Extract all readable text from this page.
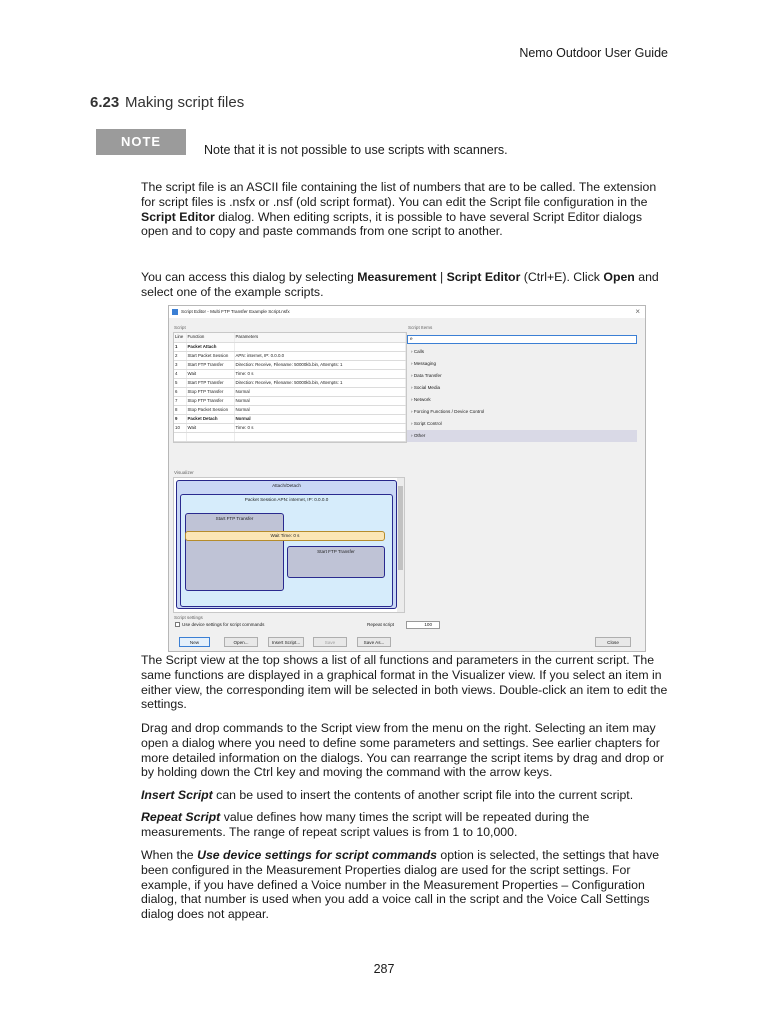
Nemo Outdoor User Guide
6.23 Making script files
NOTE
Note that it is not possible to use scripts with scanners.
The script file is an ASCII file containing the list of numbers that are to be called. The extension for script files is .nsfx or .nsf (old script format). You can edit the Script file configuration in the Script Editor dialog. When editing scripts, it is possible to have several Script Editor dialogs open and to copy and paste commands from one script to another.
You can access this dialog by selecting Measurement | Script Editor (Ctrl+E). Click Open and select one of the example scripts.
Script Editor - Multi FTP Transfer Example Script.nsfx	×
Script	Script Items
Line	Function	Parameters
1	Packet Attach	
2	Start Packet Session	APN: internet, IP: 0.0.0.0
3	Start FTP Transfer	Direction: Receive, Filename: 50000kb.bin, Attempts: 1
4	Wait	Time: 0 s
5	Start FTP Transfer	Direction: Receive, Filename: 50000kb.bin, Attempts: 1
6	Stop FTP Transfer	Normal
7	Stop FTP Transfer	Normal
8	Stop Packet Session	Normal
9	Packet Detach	Normal
10	Wait	Time: 0 s

e
› Calls
› Messaging
› Data Transfer
› Social Media
› Network
› Forcing Functions / Device Control
› Script Control
› Other
Visualizer
Attach/Detach
Packet Session APN: internet, IP: 0.0.0.0
Start FTP Transfer
Wait Time: 0 s
Start FTP Transfer
Script settings
Use device settings for script commands	Repeat script	100
New	Open...	Insert Script...	Save	Save As...	Close
The Script view at the top shows a list of all functions and parameters in the current script. The same functions are displayed in a graphical format in the Visualizer view. If you select an item in either view, the corresponding item will be selected in both views. Double-click an item to edit the settings.
Drag and drop commands to the Script view from the menu on the right. Selecting an item may open a dialog where you need to define some parameters and settings. See earlier chapters for more detailed information on the dialogs. You can rearrange the script items by drag and drop or by holding down the Ctrl key and moving the command with the arrow keys.
Insert Script can be used to insert the contents of another script file into the current script.
Repeat Script value defines how many times the script will be repeated during the measurements. The range of repeat script values is from 1 to 10,000.
When the Use device settings for script commands option is selected, the settings that have been configured in the Measurement Properties dialog are used for the script settings. For example, if you have defined a Voice number in the Measurement Properties – Configuration dialog, that number is used when you add a voice call in the script and the Voice Call Settings dialog does not appear.
287
